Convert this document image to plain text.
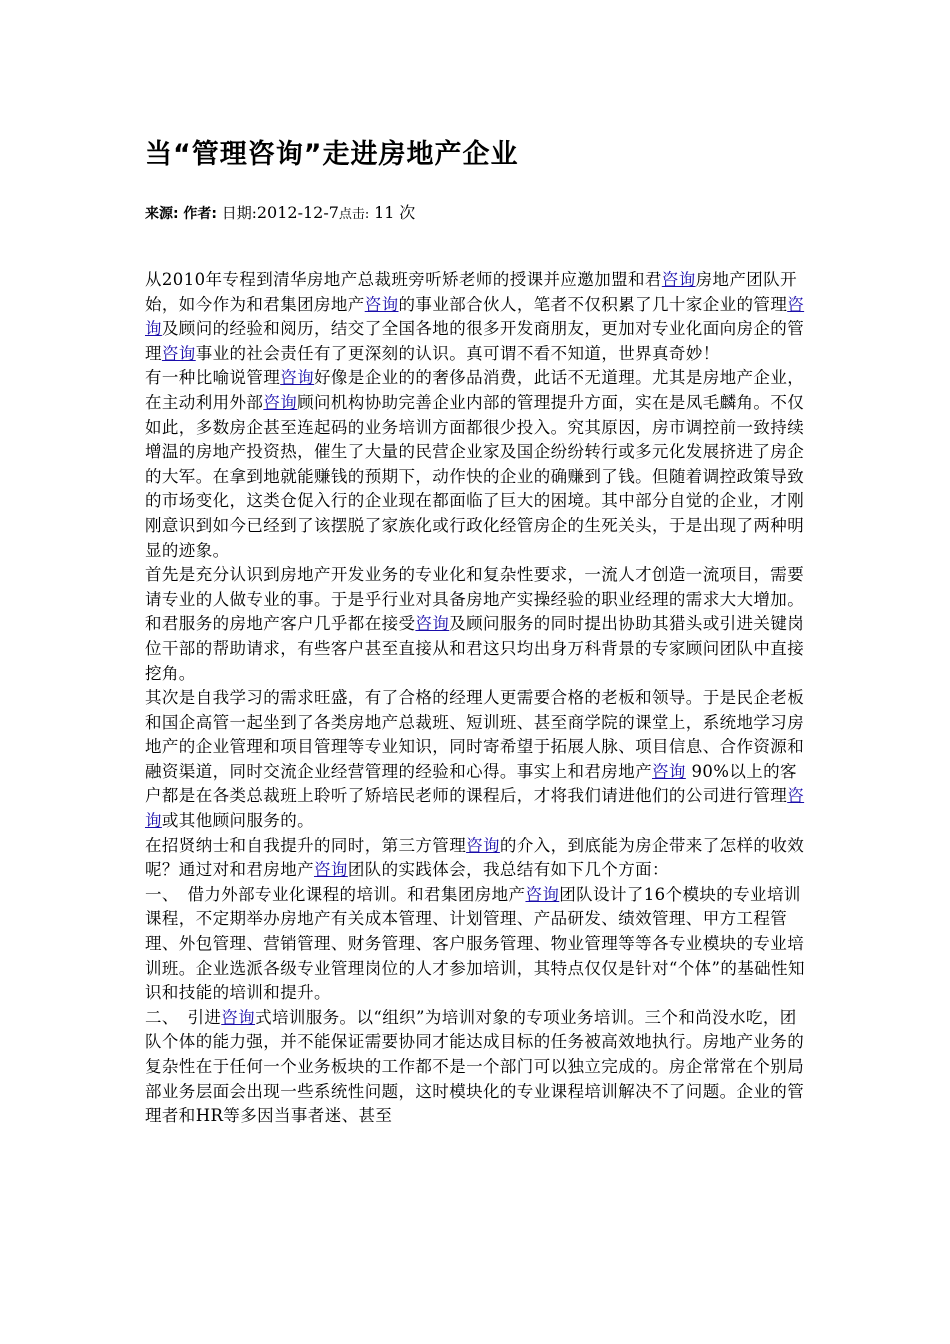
当“管理咨询”走进房地产企业
来源: 作者: 日期:2012-12-7点击: 11 次

从2010年专程到清华房地产总裁班旁听矫老师的授课并应邀加盟和君咨询房地产团队开始，如今作为和君集团房地产咨询的事业部合伙人，笔者不仅积累了几十家企业的管理咨询及顾问的经验和阅历，结交了全国各地的很多开发商朋友，更加对专业化面向房企的管理咨询事业的社会责任有了更深刻的认识。真可谓不看不知道，世界真奇妙！

有一种比喻说管理咨询好像是企业的的奢侈品消费，此话不无道理。尤其是房地产企业，在主动利用外部咨询顾问机构协助完善企业内部的管理提升方面，实在是凤毛麟角。不仅如此，多数房企甚至连起码的业务培训方面都很少投入。究其原因，房市调控前一致持续增温的房地产投资热，催生了大量的民营企业家及国企纷纷转行或多元化发展挤进了房企的大军。在拿到地就能赚钱的预期下，动作快的企业的确赚到了钱。但随着调控政策导致的市场变化，这类仓促入行的企业现在都面临了巨大的困境。其中部分自觉的企业，才刚刚意识到如今已经到了该摆脱了家族化或行政化经管房企的生死关头，于是出现了两种明显的迹象。

首先是充分认识到房地产开发业务的专业化和复杂性要求，一流人才创造一流项目，需要请专业的人做专业的事。于是乎行业对具备房地产实操经验的职业经理的需求大大增加。和君服务的房地产客户几乎都在接受咨询及顾问服务的同时提出协助其猎头或引进关键岗位干部的帮助请求，有些客户甚至直接从和君这只均出身万科背景的专家顾问团队中直接挖角。

其次是自我学习的需求旺盛，有了合格的经理人更需要合格的老板和领导。于是民企老板和国企高管一起坐到了各类房地产总裁班、短训班、甚至商学院的课堂上，系统地学习房地产的企业管理和项目管理等专业知识，同时寄希望于拓展人脉、项目信息、合作资源和融资渠道，同时交流企业经营管理的经验和心得。事实上和君房地产咨询 90%以上的客户都是在各类总裁班上聆听了矫培民老师的课程后，才将我们请进他们的公司进行管理咨询或其他顾问服务的。

在招贤纳士和自我提升的同时，第三方管理咨询的介入，到底能为房企带来了怎样的收效呢？通过对和君房地产咨询团队的实践体会，我总结有如下几个方面：

一、　借力外部专业化课程的培训。和君集团房地产咨询团队设计了16个模块的专业培训课程，不定期举办房地产有关成本管理、计划管理、产品研发、绩效管理、甲方工程管理、外包管理、营销管理、财务管理、客户服务管理、物业管理等等各专业模块的专业培训班。企业选派各级专业管理岗位的人才参加培训，其特点仅仅是针对“个体”的基础性知识和技能的培训和提升。

二、　引进咨询式培训服务。以“组织”为培训对象的专项业务培训。三个和尚没水吃，团队个体的能力强，并不能保证需要协同才能达成目标的任务被高效地执行。房地产业务的复杂性在于任何一个业务板块的工作都不是一个部门可以独立完成的。房企常常在个别局部业务层面会出现一些系统性问题，这时模块化的专业课程培训解决不了问题。企业的管理者和HR等多因当事者迷、甚至
